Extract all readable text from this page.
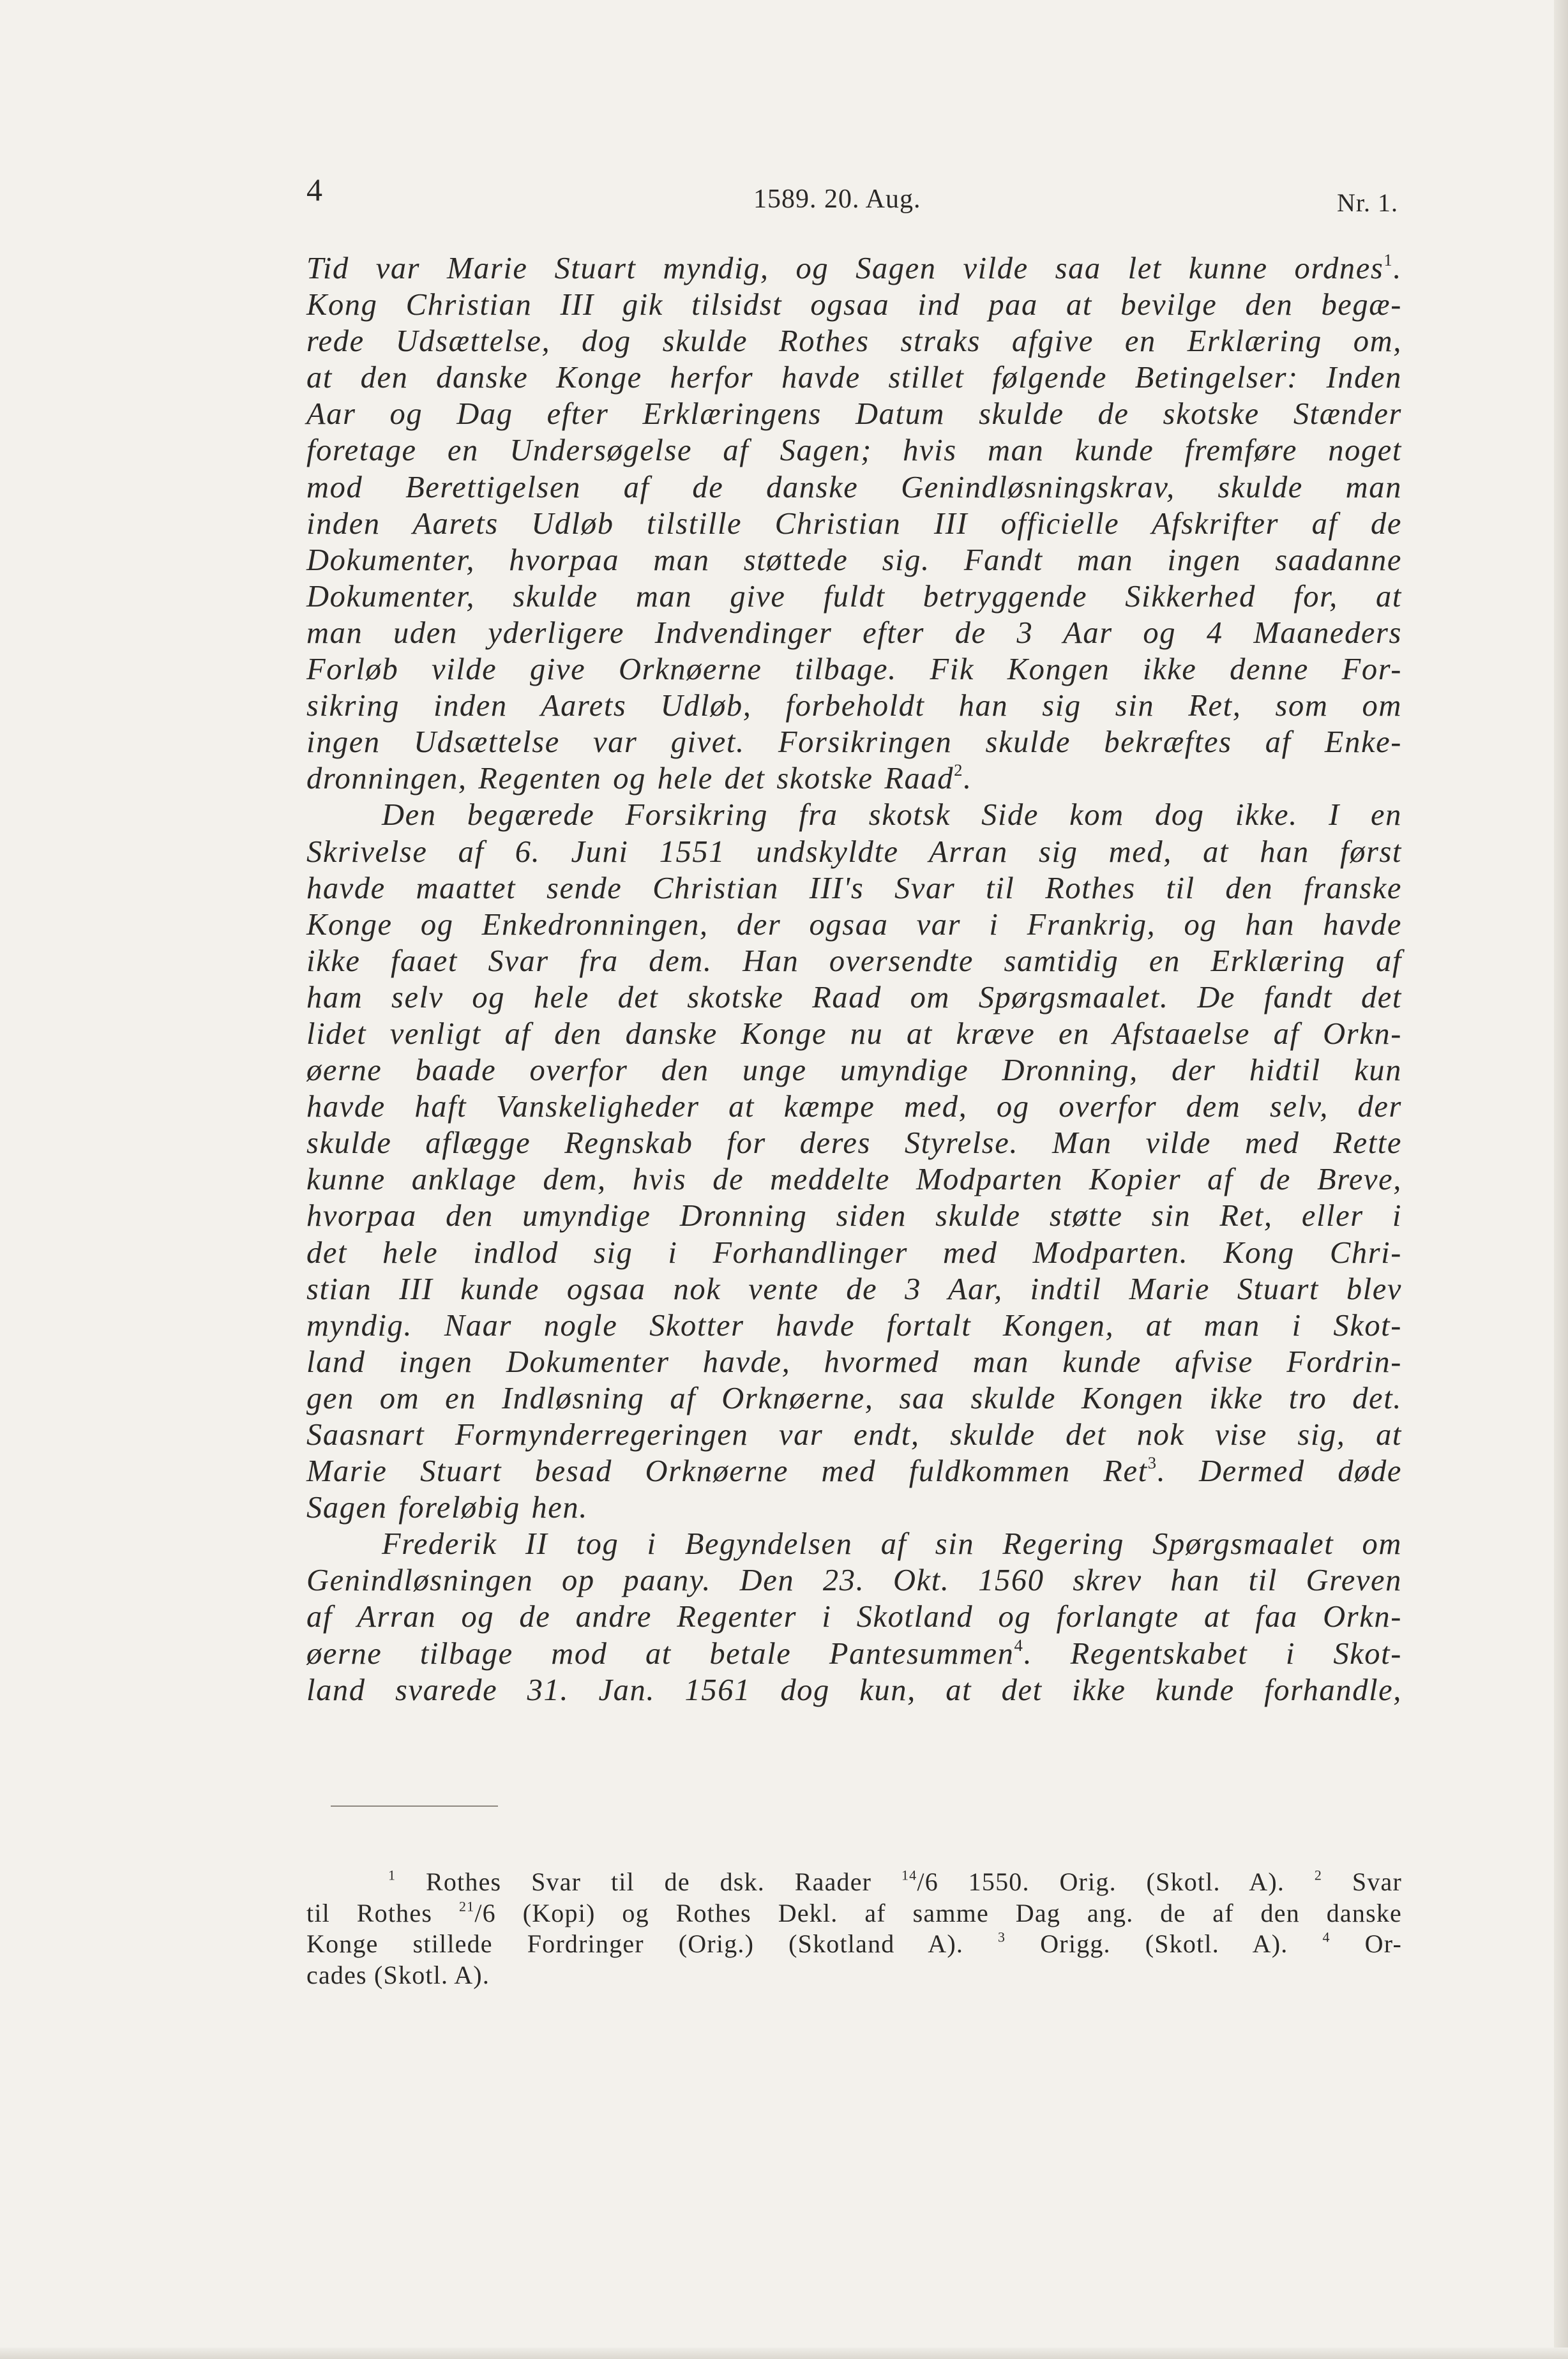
4	1589. 20. Aug.	Nr. 1.
Tid var Marie Stuart myndig, og Sagen vilde saa let kunne ordnes$^1$.
Kong Christian III gik tilsidst ogsaa ind paa at bevilge den begæ-
rede Udsættelse, dog skulde Rothes straks afgive en Erklæring om,
at den danske Konge herfor havde stillet følgende Betingelser: Inden
Aar og Dag efter Erklæringens Datum skulde de skotske Stænder
foretage en Undersøgelse af Sagen; hvis man kunde fremføre noget
mod Berettigelsen af de danske Genindløsningskrav, skulde man
inden Aarets Udløb tilstille Christian III officielle Afskrifter af de
Dokumenter, hvorpaa man støttede sig. Fandt man ingen saadanne
Dokumenter, skulde man give fuldt betryggende Sikkerhed for, at
man uden yderligere Indvendinger efter de 3 Aar og 4 Maaneders
Forløb vilde give Orknøerne tilbage. Fik Kongen ikke denne For-
sikring inden Aarets Udløb, forbeholdt han sig sin Ret, som om
ingen Udsættelse var givet. Forsikringen skulde bekræftes af Enke-
dronningen, Regenten og hele det skotske Raad$^2$.
Den begærede Forsikring fra skotsk Side kom dog ikke. I en
Skrivelse af 6. Juni 1551 undskyldte Arran sig med, at han først
havde maattet sende Christian III's Svar til Rothes til den franske
Konge og Enkedronningen, der ogsaa var i Frankrig, og han havde
ikke faaet Svar fra dem. Han oversendte samtidig en Erklæring af
ham selv og hele det skotske Raad om Spørgsmaalet. De fandt det
lidet venligt af den danske Konge nu at kræve en Afstaaelse af Orkn-
øerne baade overfor den unge umyndige Dronning, der hidtil kun
havde haft Vanskeligheder at kæmpe med, og overfor dem selv, der
skulde aflægge Regnskab for deres Styrelse. Man vilde med Rette
kunne anklage dem, hvis de meddelte Modparten Kopier af de Breve,
hvorpaa den umyndige Dronning siden skulde støtte sin Ret, eller i
det hele indlod sig i Forhandlinger med Modparten. Kong Chri-
stian III kunde ogsaa nok vente de 3 Aar, indtil Marie Stuart blev
myndig. Naar nogle Skotter havde fortalt Kongen, at man i Skot-
land ingen Dokumenter havde, hvormed man kunde afvise Fordrin-
gen om en Indløsning af Orknøerne, saa skulde Kongen ikke tro det.
Saasnart Formynderregeringen var endt, skulde det nok vise sig, at
Marie Stuart besad Orknøerne med fuldkommen Ret$^3$. Dermed døde
Sagen foreløbig hen.
Frederik II tog i Begyndelsen af sin Regering Spørgsmaalet om
Genindløsningen op paany. Den 23. Okt. 1560 skrev han til Greven
af Arran og de andre Regenter i Skotland og forlangte at faa Orkn-
øerne tilbage mod at betale Pantesummen$^4$. Regentskabet i Skot-
land svarede 31. Jan. 1561 dog kun, at det ikke kunde forhandle,
$^1$ Rothes Svar til de dsk. Raader $^{14}$/6 1550. Orig. (Skotl. A). $^2$ Svar
til Rothes $^{21}$/6 (Kopi) og Rothes Dekl. af samme Dag ang. de af den danske
Konge stillede Fordringer (Orig.) (Skotland A). $^3$ Origg. (Skotl. A). $^4$ Or-
cades (Skotl. A).
